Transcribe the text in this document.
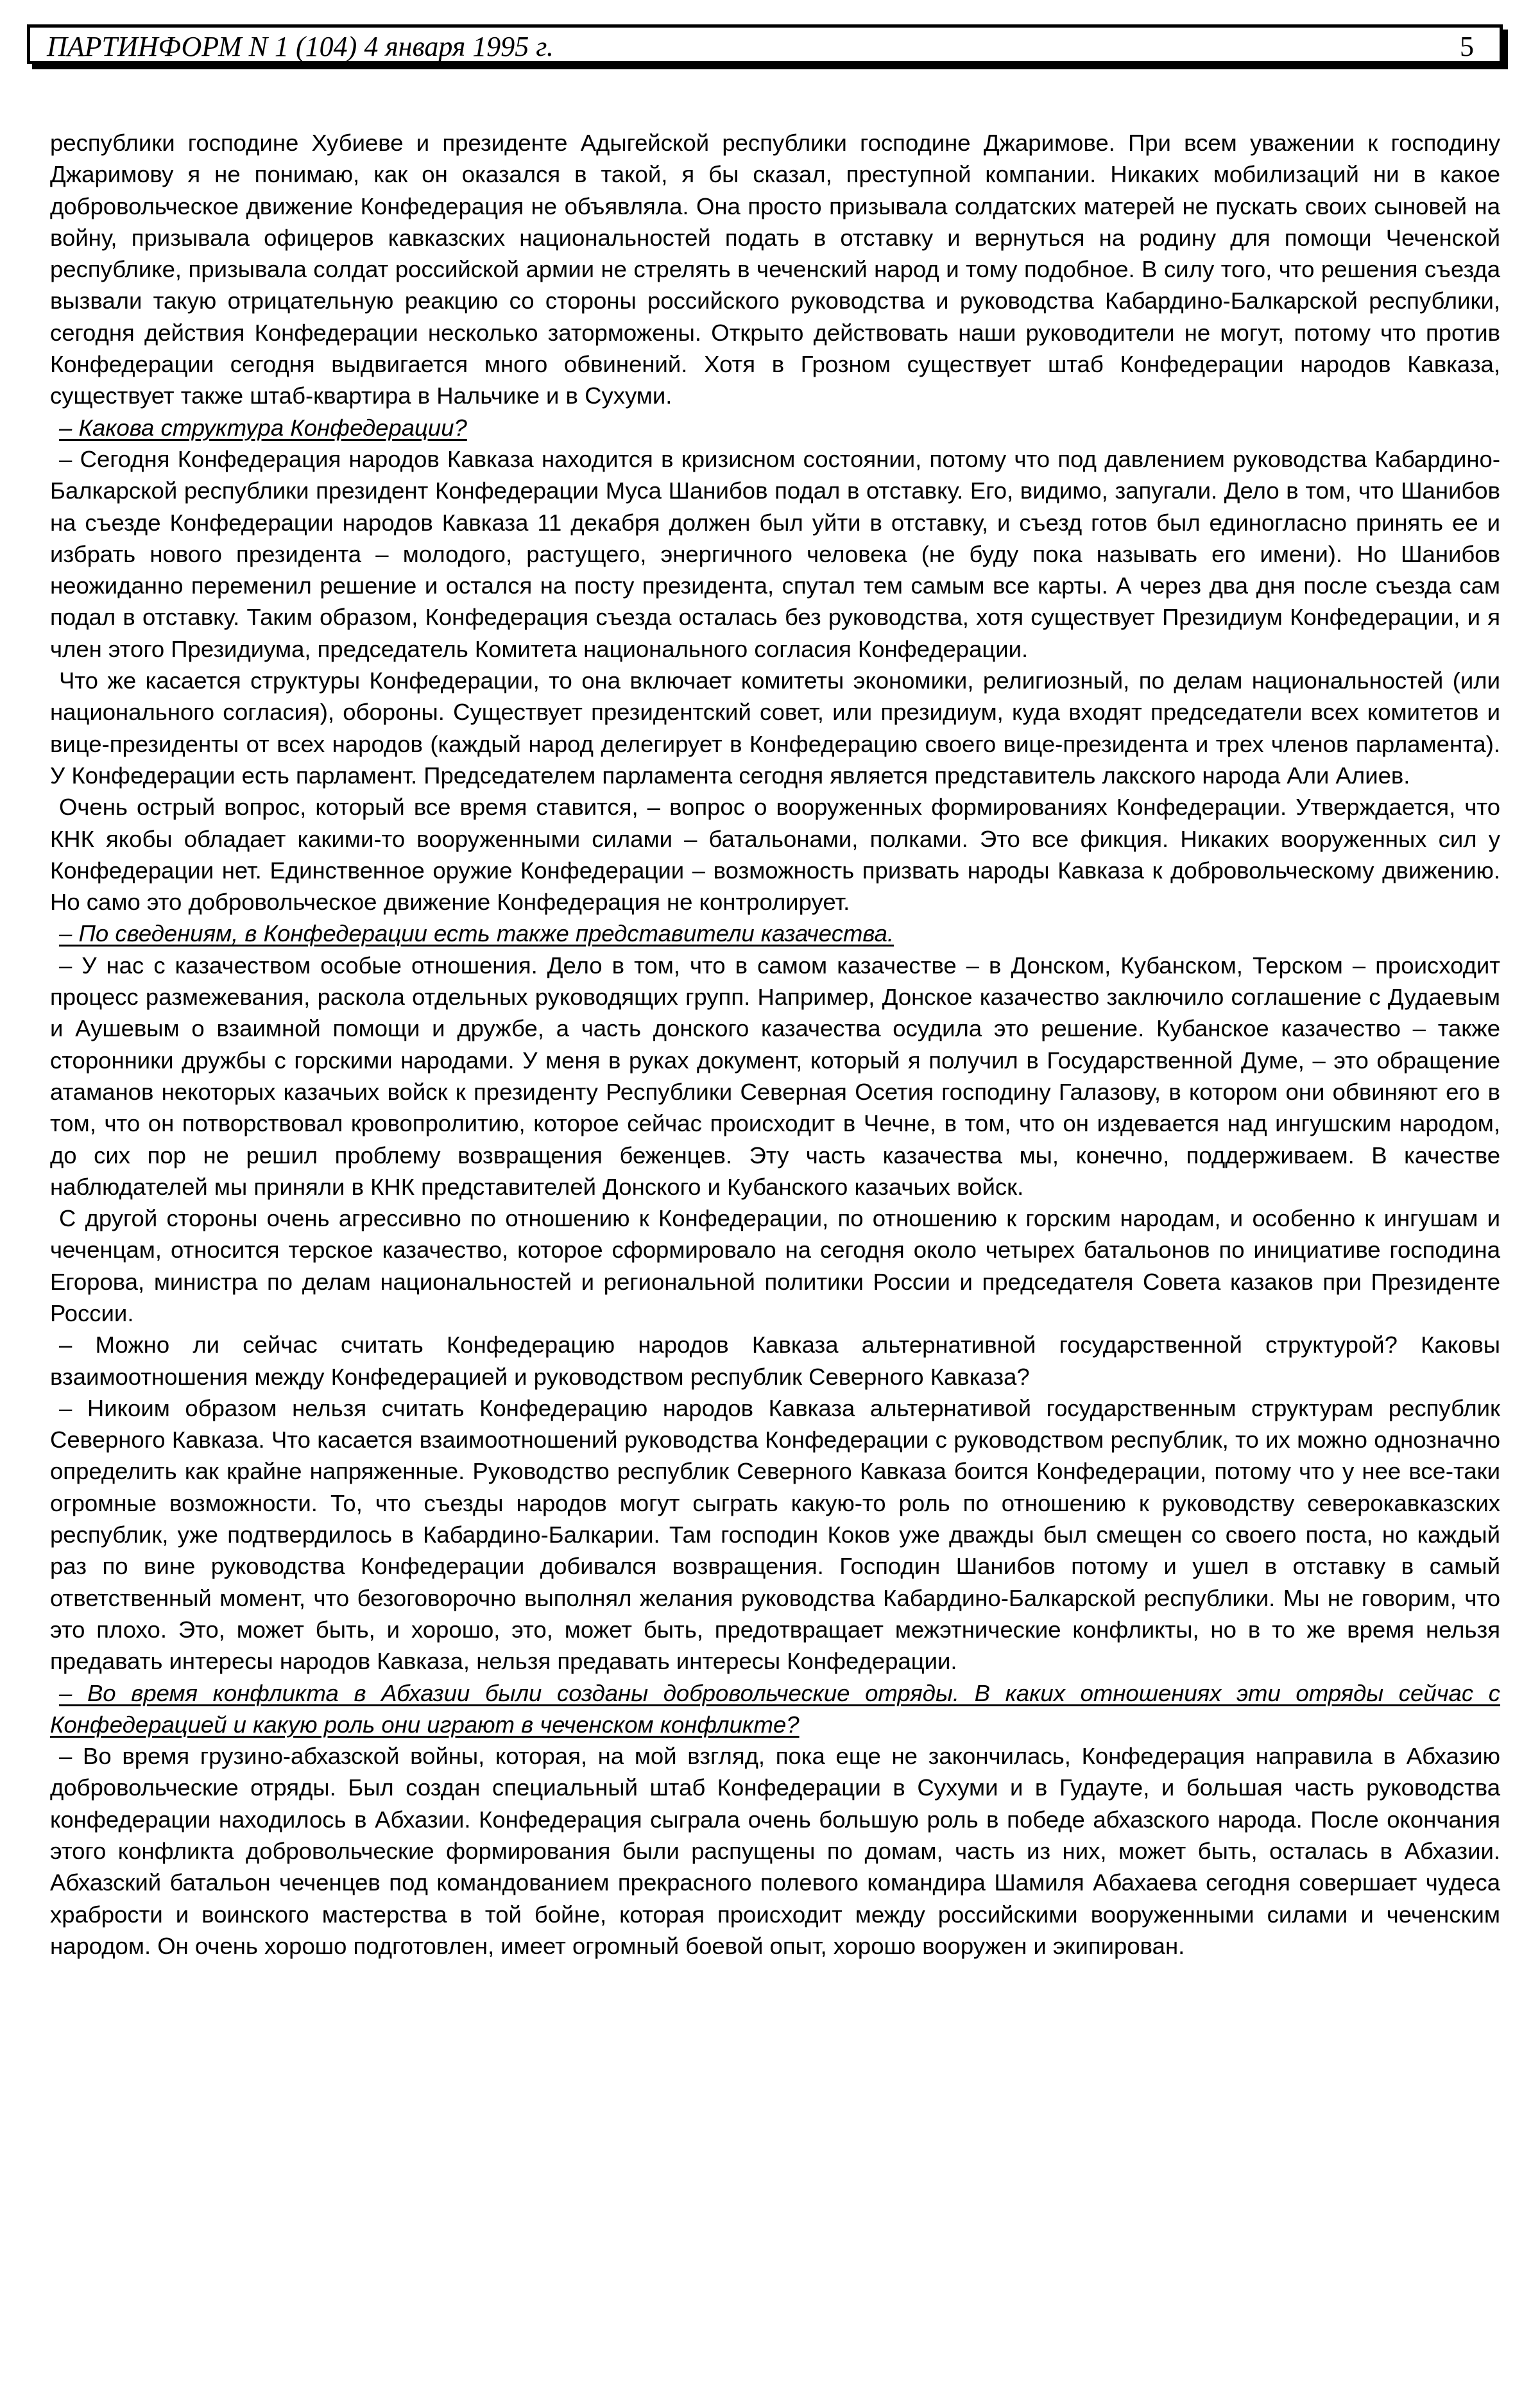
ПАРТИНФОРМ N 1 (104) 4 января 1995 г.	5

республики господине Хубиеве и президенте Адыгейской республики господине Джаримове. При всем уважении к господину Джаримову я не понимаю, как он оказался в такой, я бы сказал, преступной компании. Никаких мобилизаций ни в какое добровольческое движение Конфедерация не объявляла. Она просто призывала солдатских матерей не пускать своих сыновей на войну, призывала офицеров кавказских национальностей подать в отставку и вернуться на родину для помощи Чеченской республике, призывала солдат российской армии не стрелять в чеченский народ и тому подобное. В силу того, что решения съезда вызвали такую отрицательную реакцию со стороны российского руководства и руководства Кабардино-Балкарской республики, сегодня действия Конфедерации несколько заторможены. Открыто действовать наши руководители не могут, потому что против Конфедерации сегодня выдвигается много обвинений. Хотя в Грозном существует штаб Конфедерации народов Кавказа, существует также штаб-квартира в Нальчике и в Сухуми.

– Какова структура Конфедерации?

– Сегодня Конфедерация народов Кавказа находится в кризисном состоянии, потому что под давлением руководства Кабардино-Балкарской республики президент Конфедерации Муса Шанибов подал в отставку. Его, видимо, запугали. Дело в том, что Шанибов на съезде Конфедерации народов Кавказа 11 декабря должен был уйти в отставку, и съезд готов был единогласно принять ее и избрать нового президента – молодого, растущего, энергичного человека (не буду пока называть его имени). Но Шанибов неожиданно переменил решение и остался на посту президента, спутал тем самым все карты. А через два дня после съезда сам подал в отставку. Таким образом, Конфедерация съезда осталась без руководства, хотя существует Президиум Конфедерации, и я член этого Президиума, председатель Комитета национального согласия Конфедерации.

Что же касается структуры Конфедерации, то она включает комитеты экономики, религиозный, по делам национальностей (или национального согласия), обороны. Существует президентский совет, или президиум, куда входят председатели всех комитетов и вице-президенты от всех народов (каждый народ делегирует в Конфедерацию своего вице-президента и трех членов парламента). У Конфедерации есть парламент. Председателем парламента сегодня является представитель лакского народа Али Алиев.

Очень острый вопрос, который все время ставится, – вопрос о вооруженных формированиях Конфедерации. Утверждается, что КНК якобы обладает какими-то вооруженными силами – батальонами, полками. Это все фикция. Никаких вооруженных сил у Конфедерации нет. Единственное оружие Конфедерации – возможность призвать народы Кавказа к добровольческому движению. Но само это добровольческое движение Конфедерация не контролирует.

– По сведениям, в Конфедерации есть также представители казачества.

– У нас с казачеством особые отношения. Дело в том, что в самом казачестве – в Донском, Кубанском, Терском – происходит процесс размежевания, раскола отдельных руководящих групп. Например, Донское казачество заключило соглашение с Дудаевым и Аушевым о взаимной помощи и дружбе, а часть донского казачества осудила это решение. Кубанское казачество – также сторонники дружбы с горскими народами. У меня в руках документ, который я получил в Государственной Думе, – это обращение атаманов некоторых казачьих войск к президенту Республики Северная Осетия господину Галазову, в котором они обвиняют его в том, что он потворствовал кровопролитию, которое сейчас происходит в Чечне, в том, что он издевается над ингушским народом, до сих пор не решил проблему возвращения беженцев. Эту часть казачества мы, конечно, поддерживаем. В качестве наблюдателей мы приняли в КНК представителей Донского и Кубанского казачьих войск.

С другой стороны очень агрессивно по отношению к Конфедерации, по отношению к горским народам, и особенно к ингушам и чеченцам, относится терское казачество, которое сформировало на сегодня около четырех батальонов по инициативе господина Егорова, министра по делам национальностей и региональной политики России и председателя Совета казаков при Президенте России.

– Можно ли сейчас считать Конфедерацию народов Кавказа альтернативной государственной структурой? Каковы взаимоотношения между Конфедерацией и руководством республик Северного Кавказа?

– Никоим образом нельзя считать Конфедерацию народов Кавказа альтернативой государственным структурам республик Северного Кавказа. Что касается взаимоотношений руководства Конфедерации с руководством республик, то их можно однозначно определить как крайне напряженные. Руководство республик Северного Кавказа боится Конфедерации, потому что у нее все-таки огромные возможности. То, что съезды народов могут сыграть какую-то роль по отношению к руководству северокавказских республик, уже подтвердилось в Кабардино-Балкарии. Там господин Коков уже дважды был смещен со своего поста, но каждый раз по вине руководства Конфедерации добивался возвращения. Господин Шанибов потому и ушел в отставку в самый ответственный момент, что безоговорочно выполнял желания руководства Кабардино-Балкарской республики. Мы не говорим, что это плохо. Это, может быть, и хорошо, это, может быть, предотвращает межэтнические конфликты, но в то же время нельзя предавать интересы народов Кавказа, нельзя предавать интересы Конфедерации.

– Во время конфликта в Абхазии были созданы добровольческие отряды. В каких отношениях эти отряды сейчас с Конфедерацией и какую роль они играют в чеченском конфликте?

– Во время грузино-абхазской войны, которая, на мой взгляд, пока еще не закончилась, Конфедерация направила в Абхазию добровольческие отряды. Был создан специальный штаб Конфедерации в Сухуми и в Гудауте, и большая часть руководства конфедерации находилось в Абхазии. Конфедерация сыграла очень большую роль в победе абхазского народа. После окончания этого конфликта добровольческие формирования были распущены по домам, часть из них, может быть, осталась в Абхазии. Абхазский батальон чеченцев под командованием прекрасного полевого командира Шамиля Абахаева сегодня совершает чудеса храбрости и воинского мастерства в той бойне, которая происходит между российскими вооруженными силами и чеченским народом. Он очень хорошо подготовлен, имеет огромный боевой опыт, хорошо вооружен и экипирован.
